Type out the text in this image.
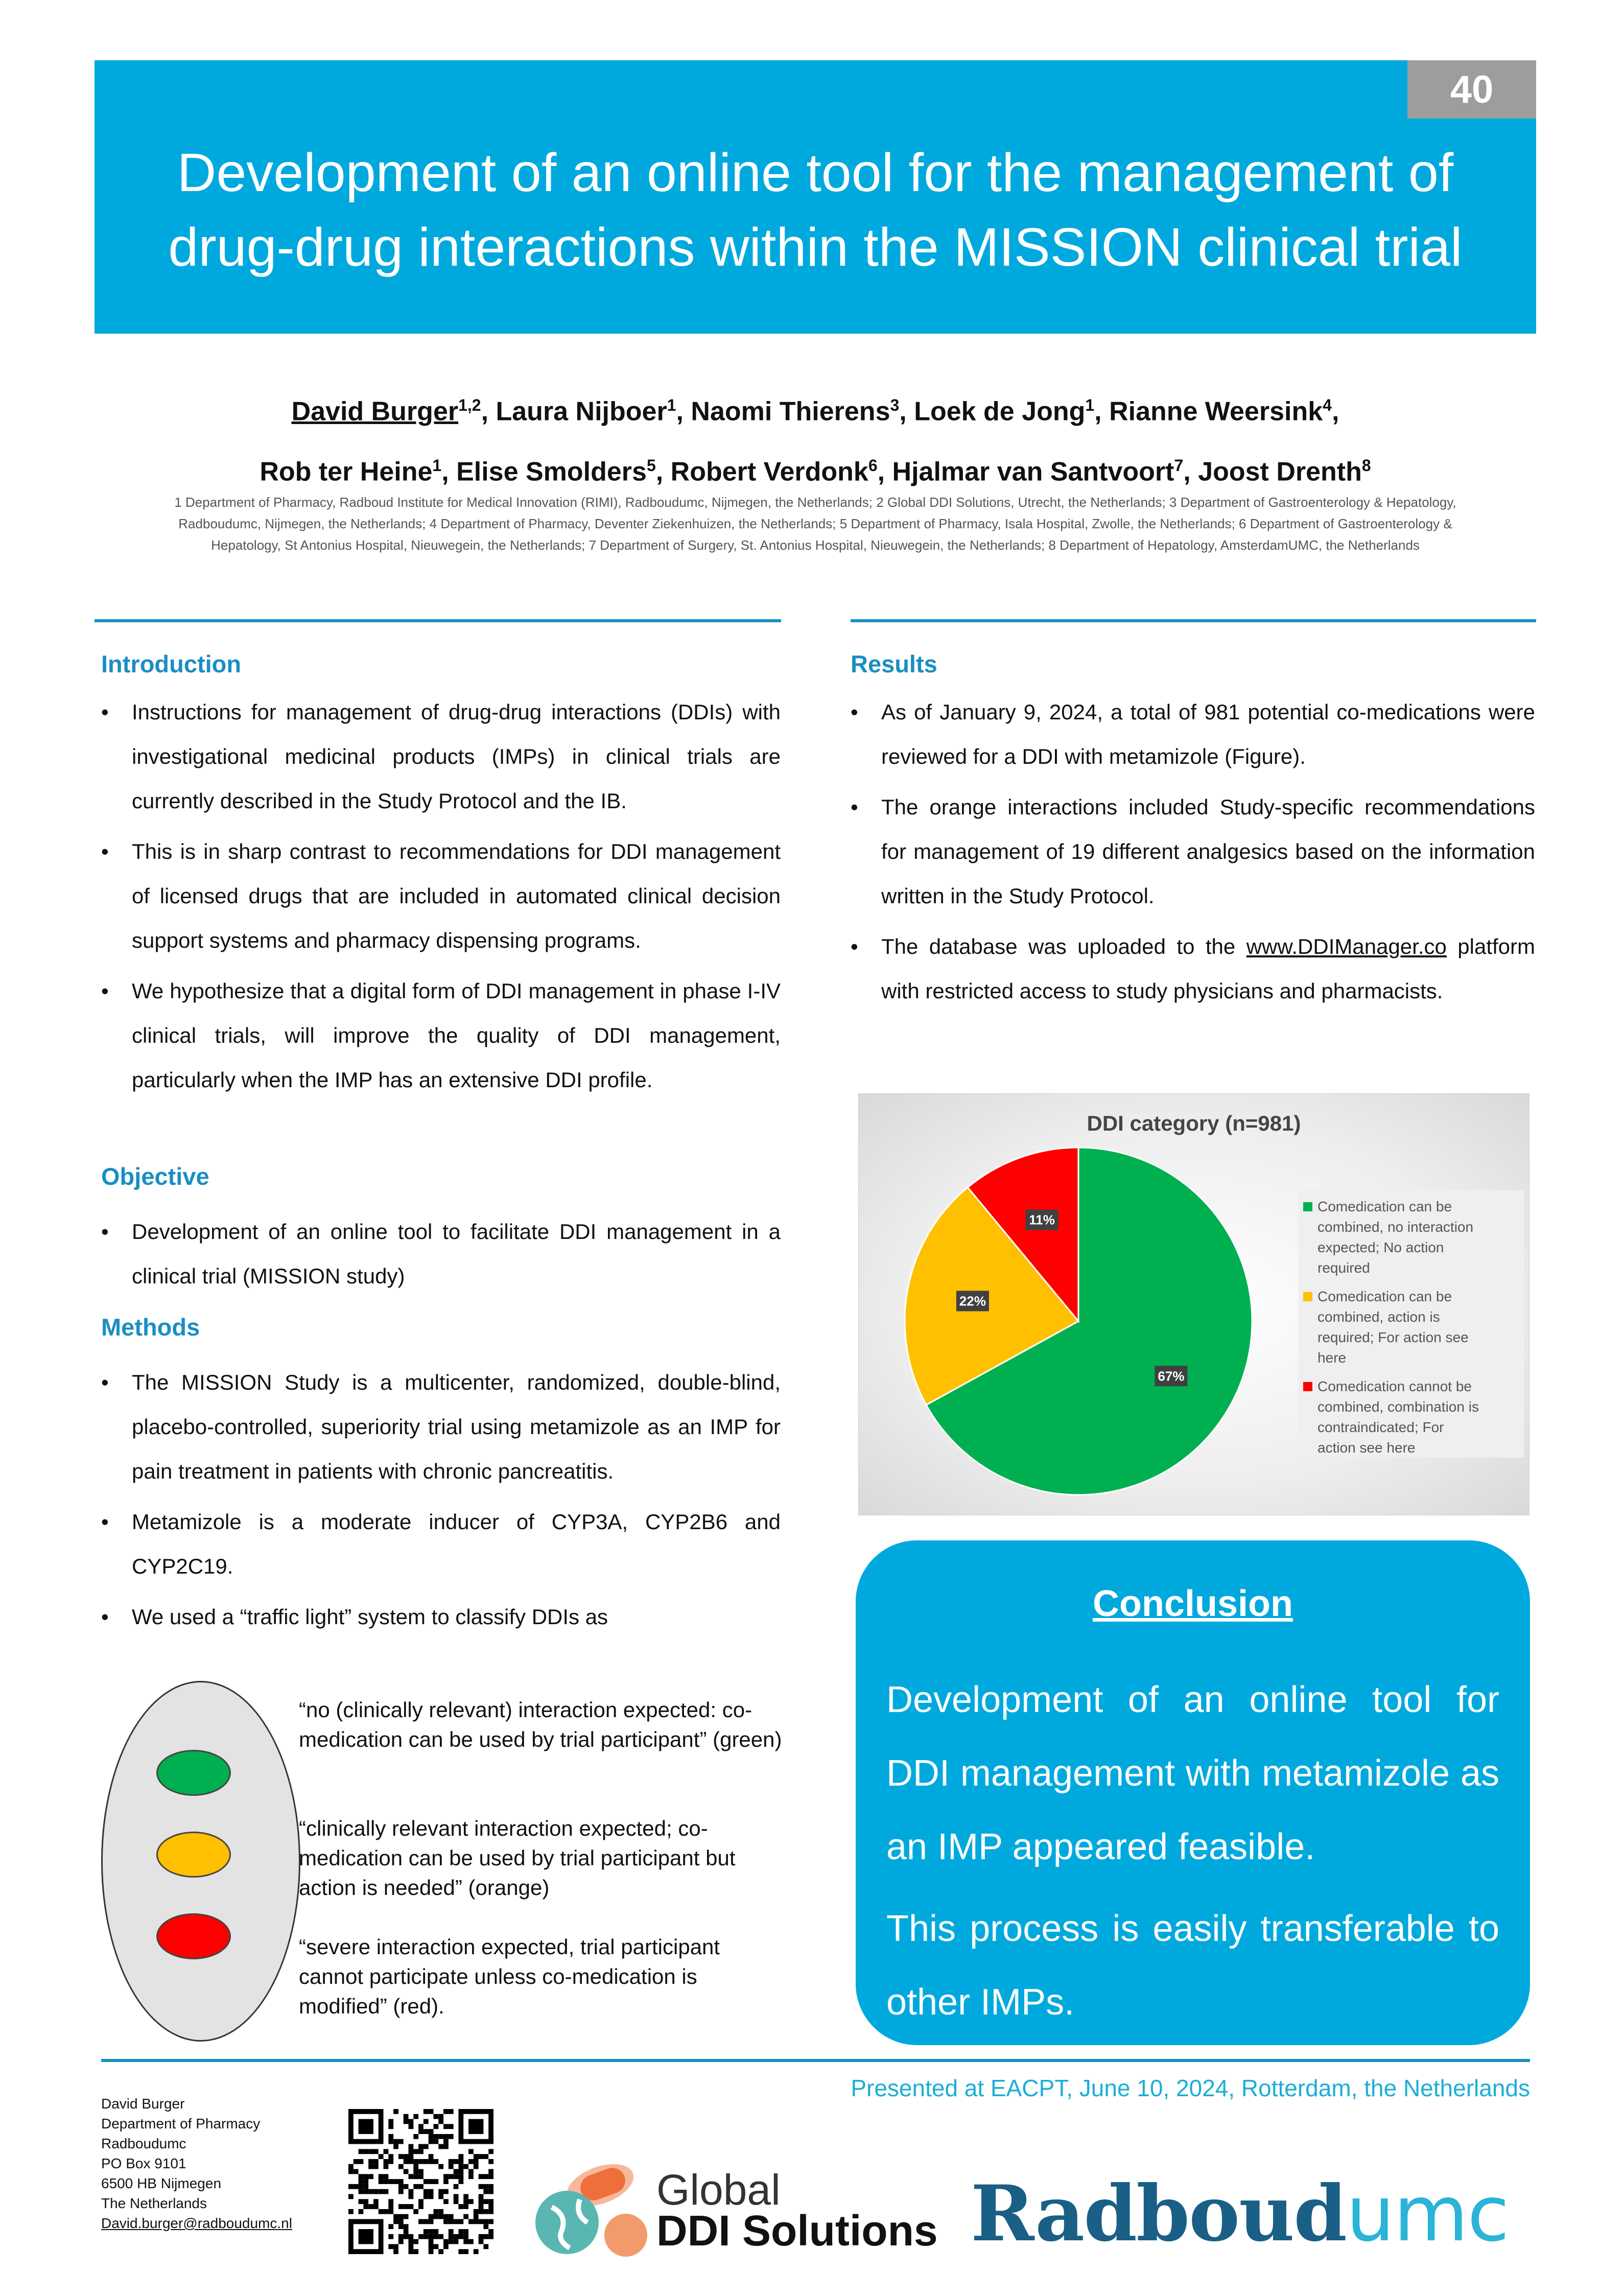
40
Development of an online tool for the management of
drug-drug interactions within the MISSION clinical trial
David Burger$^{1,2}$, Laura Nijboer$^1$, Naomi Thierens$^3$, Loek de Jong$^1$, Rianne Weersink$^4$,
Rob ter Heine$^1$, Elise Smolders$^5$, Robert Verdonk$^6$, Hjalmar van Santvoort$^7$, Joost Drenth$^8$
1 Department of Pharmacy, Radboud Institute for Medical Innovation (RIMI), Radboudumc, Nijmegen, the Netherlands; 2 Global DDI Solutions, Utrecht, the Netherlands; 3 Department of Gastroenterology & Hepatology,
Radboudumc, Nijmegen, the Netherlands; 4 Department of Pharmacy, Deventer Ziekenhuizen, the Netherlands; 5 Department of Pharmacy, Isala Hospital, Zwolle, the Netherlands; 6 Department of Gastroenterology &
Hepatology, St Antonius Hospital, Nieuwegein, the Netherlands; 7 Department of Surgery, St. Antonius Hospital, Nieuwegein, the Netherlands; 8 Department of Hepatology, AmsterdamUMC, the Netherlands
Introduction
• Instructions for management of drug-drug interactions (DDIs) with investigational medicinal products (IMPs) in clinical trials are currently described in the Study Protocol and the IB.
• This is in sharp contrast to recommendations for DDI management of licensed drugs that are included in automated clinical decision support systems and pharmacy dispensing programs.
• We hypothesize that a digital form of DDI management in phase I-IV clinical trials, will improve the quality of DDI management, particularly when the IMP has an extensive DDI profile.
Objective
• Development of an online tool to facilitate DDI management in a clinical trial (MISSION study)
Methods
• The MISSION Study is a multicenter, randomized, double-blind, placebo-controlled, superiority trial using metamizole as an IMP for pain treatment in patients with chronic pancreatitis.
• Metamizole is a moderate inducer of CYP3A, CYP2B6 and CYP2C19.
• We used a “traffic light” system to classify DDIs as
“no (clinically relevant) interaction expected: co-medication can be used by trial participant” (green)
“clinically relevant interaction expected; co-medication can be used by trial participant but action is needed” (orange)
“severe interaction expected, trial participant cannot participate unless co-medication is modified” (red).
Results
• As of January 9, 2024, a total of 981 potential co-medications were reviewed for a DDI with metamizole (Figure).
• The orange interactions included Study-specific recommendations for management of 19 different analgesics based on the information written in the Study Protocol.
• The database was uploaded to the www.DDIManager.co platform with restricted access to study physicians and pharmacists.
DDI category (n=981)
67%
22%
11%
Comedication can be combined, no interaction expected; No action required
Comedication can be combined, action is required; For action see here
Comedication cannot be combined, combination is contraindicated; For action see here
Conclusion

Development of an online tool for DDI management with metamizole as an IMP appeared feasible.

This process is easily transferable to other IMPs.

Presented at EACPT, June 10, 2024, Rotterdam, the Netherlands
David Burger
Department of Pharmacy
Radboudumc
PO Box 9101
6500 HB Nijmegen
The Netherlands
David.burger@radboudumc.nl
Global
DDI Solutions Radboudumc
